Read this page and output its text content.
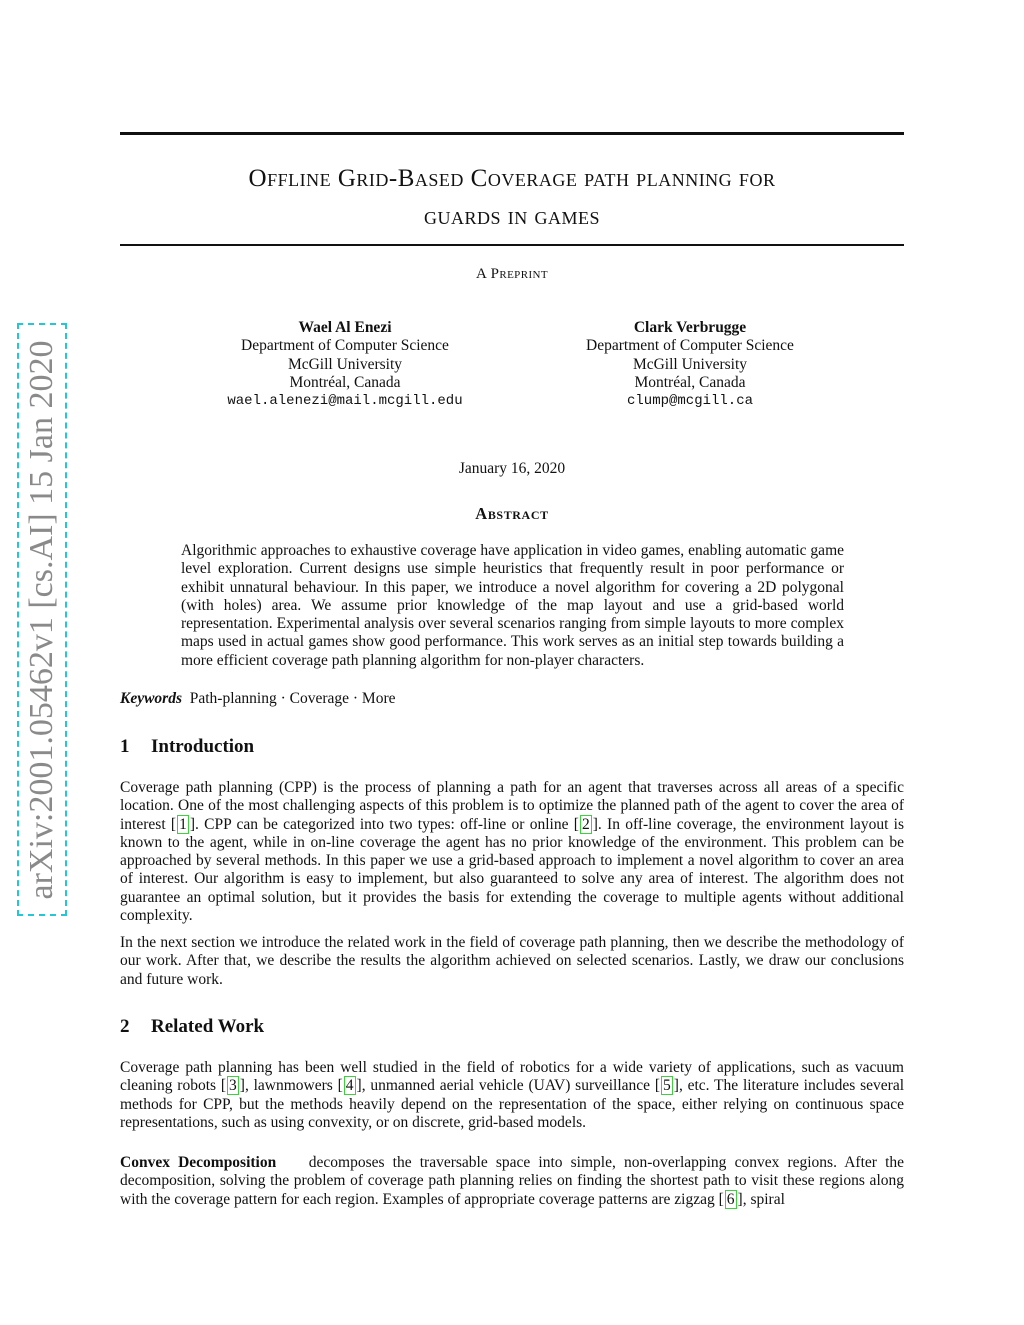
arXiv:2001.05462v1 [cs.AI] 15 Jan 2020
Offline Grid-Based Coverage path planning for
guards in games
A Preprint
Wael Al Enezi
Department of Computer Science
McGill University
Montréal, Canada
wael.alenezi@mail.mcgill.edu
Clark Verbrugge
Department of Computer Science
McGill University
Montréal, Canada
clump@mcgill.ca
January 16, 2020
Abstract
Algorithmic approaches to exhaustive coverage have application in video games, enabling automatic game level exploration. Current designs use simple heuristics that frequently result in poor performance or exhibit unnatural behaviour. In this paper, we introduce a novel algorithm for covering a 2D polygonal (with holes) area. We assume prior knowledge of the map layout and use a grid-based world representation. Experimental analysis over several scenarios ranging from simple layouts to more complex maps used in actual games show good performance. This work serves as an initial step towards building a more efficient coverage path planning algorithm for non-player characters.
Keywords Path-planning · Coverage · More
1 Introduction
Coverage path planning (CPP) is the process of planning a path for an agent that traverses across all areas of a specific location. One of the most challenging aspects of this problem is to optimize the planned path of the agent to cover the area of interest [ 1 ]. CPP can be categorized into two types: off-line or online [ 2 ]. In off-line coverage, the environment layout is known to the agent, while in on-line coverage the agent has no prior knowledge of the environment. This problem can be approached by several methods. In this paper we use a grid-based approach to implement a novel algorithm to cover an area of interest. Our algorithm is easy to implement, but also guaranteed to solve any area of interest. The algorithm does not guarantee an optimal solution, but it provides the basis for extending the coverage to multiple agents without additional complexity.
In the next section we introduce the related work in the field of coverage path planning, then we describe the methodology of our work. After that, we describe the results the algorithm achieved on selected scenarios. Lastly, we draw our conclusions and future work.
2 Related Work
Coverage path planning has been well studied in the field of robotics for a wide variety of applications, such as vacuum cleaning robots [ 3 ], lawnmowers [ 4 ], unmanned aerial vehicle (UAV) surveillance [ 5 ], etc. The literature includes several methods for CPP, but the methods heavily depend on the representation of the space, either relying on continuous space representations, such as using convexity, or on discrete, grid-based models.
Convex Decomposition decomposes the traversable space into simple, non-overlapping convex regions. After the decomposition, solving the problem of coverage path planning relies on finding the shortest path to visit these regions along with the coverage pattern for each region. Examples of appropriate coverage patterns are zigzag [ 6 ], spiral
